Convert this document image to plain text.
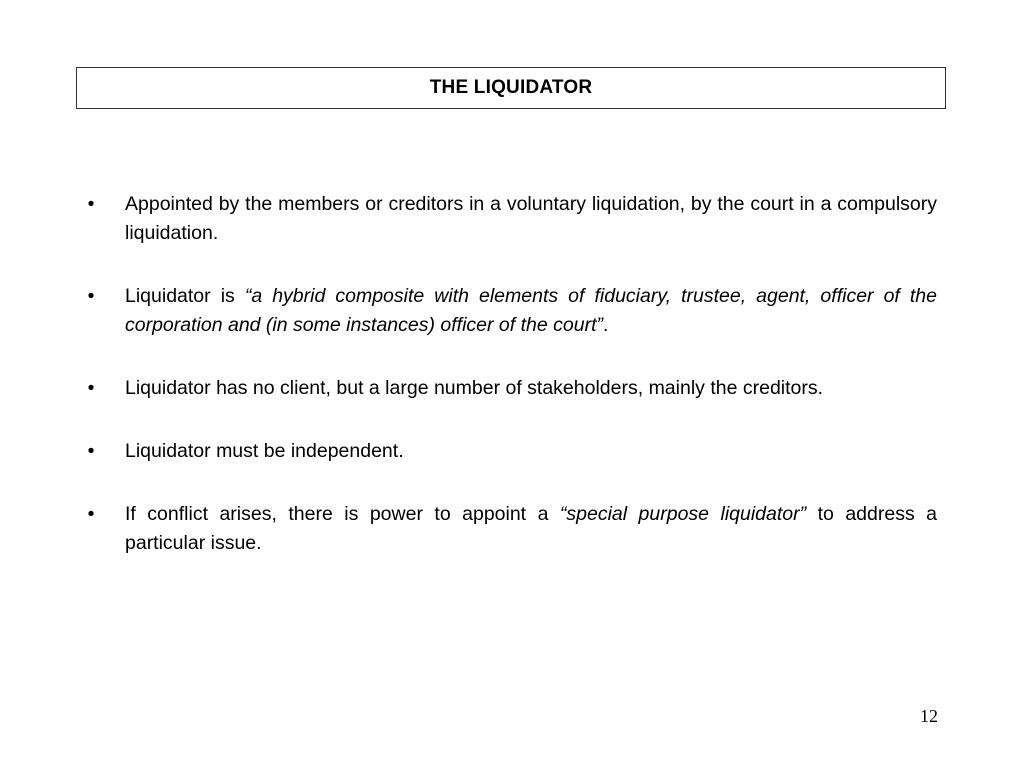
THE LIQUIDATOR
• Appointed by the members or creditors in a voluntary liquidation, by the court in a compulsory liquidation.
• Liquidator is “a hybrid composite with elements of fiduciary, trustee, agent, officer of the corporation and (in some instances) officer of the court”.
• Liquidator has no client, but a large number of stakeholders, mainly the creditors.
• Liquidator must be independent.
• If conflict arises, there is power to appoint a “special purpose liquidator” to address a particular issue.
12
